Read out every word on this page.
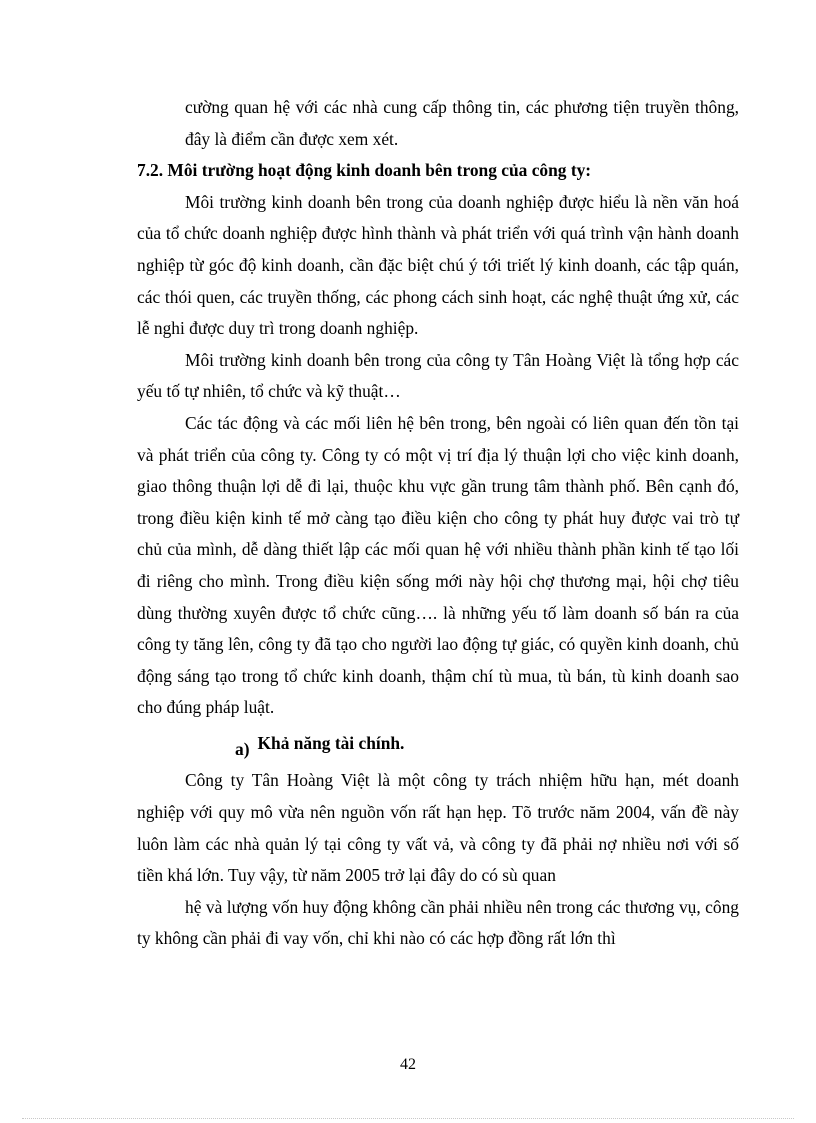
cường quan hệ với các nhà cung cấp thông tin, các phương tiện truyền thông, đây là điểm cần được xem xét.

7.2. Môi trường hoạt động kinh doanh bên trong của công ty:

Môi trường kinh doanh bên trong của doanh nghiệp được hiểu là nền văn hoá của tổ chức doanh nghiệp được hình thành và phát triển với quá trình vận hành doanh nghiệp từ góc độ kinh doanh, cần đặc biệt chú ý tới triết lý kinh doanh, các tập quán, các thói quen, các truyền thống, các phong cách sinh hoạt, các nghệ thuật ứng xử, các lễ nghi được duy trì trong doanh nghiệp.

Môi trường kinh doanh bên trong của công ty Tân Hoàng Việt là tổng hợp các yếu tố tự nhiên, tổ chức và kỹ thuật…

Các tác động và các mối liên hệ bên trong, bên ngoài có liên quan đến tồn tại và phát triển của công ty. Công ty có một vị trí địa lý thuận lợi cho việc kinh doanh, giao thông thuận lợi dễ đi lại, thuộc khu vực gần trung tâm thành phố. Bên cạnh đó, trong điều kiện kinh tế mở càng tạo điều kiện cho công ty phát huy được vai trò tự chủ của mình, dễ dàng thiết lập các mối quan hệ với nhiều thành phần kinh tế tạo lối đi riêng cho mình. Trong điều kiện sống mới này hội chợ thương mại, hội chợ tiêu dùng thường xuyên được tổ chức cũng…. là những yếu tố làm doanh số bán ra của công ty tăng lên, công ty đã tạo cho người lao động tự giác, có quyền kinh doanh, chủ động sáng tạo trong tổ chức kinh doanh, thậm chí tù mua, tù bán, tù kinh doanh sao cho đúng pháp luật.

a) Khả năng tài chính.

Công ty Tân Hoàng Việt là một công ty trách nhiệm hữu hạn, mét doanh nghiệp với quy mô vừa nên nguồn vốn rất hạn hẹp. Tõ trước năm 2004, vấn đề này luôn làm các nhà quản lý tại công ty vất vả, và công ty đã phải nợ nhiều nơi với số tiền khá lớn. Tuy vậy, từ năm 2005 trở lại đây do có sù quan

hệ và lượng vốn huy động không cần phải nhiều nên trong các thương vụ, công ty không cần phải đi vay vốn, chỉ khi nào có các hợp đồng rất lớn thì

42
